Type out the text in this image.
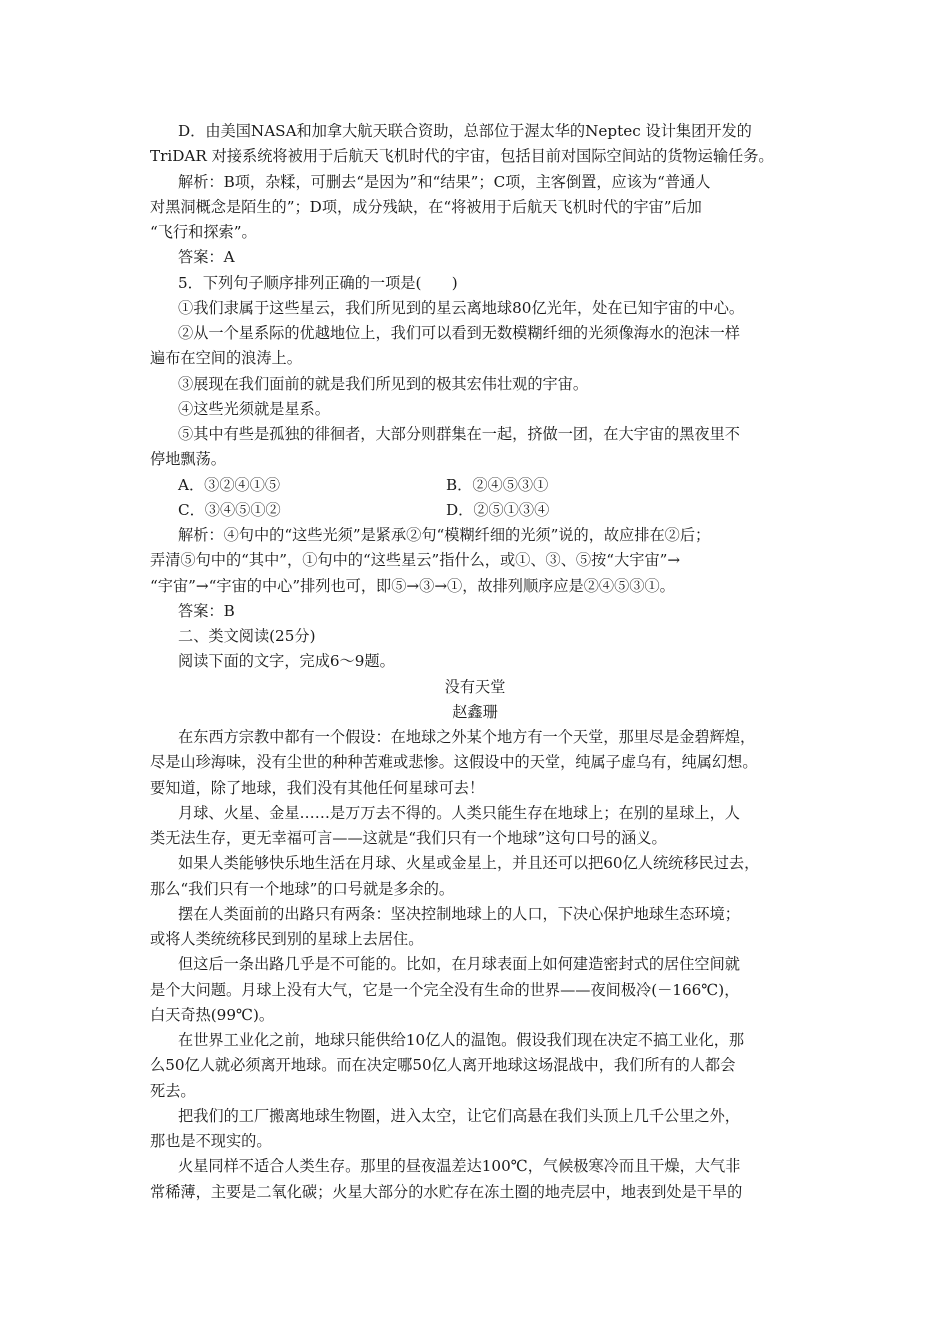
D．由美国NASA和加拿大航天联合资助，总部位于渥太华的Neptec 设计集团开发的
TriDAR 对接系统将被用于后航天飞机时代的宇宙，包括目前对国际空间站的货物运输任务。
解析：B项，杂糅，可删去“是因为”和“结果”；C项，主客倒置，应该为“普通人
对黑洞概念是陌生的”；D项，成分残缺，在“将被用于后航天飞机时代的宇宙”后加
“飞行和探索”。
答案：A
5．下列句子顺序排列正确的一项是(　　)
①我们隶属于这些星云，我们所见到的星云离地球80亿光年，处在已知宇宙的中心。
②从一个星系际的优越地位上，我们可以看到无数模糊纤细的光须像海水的泡沫一样
遍布在空间的浪涛上。
③展现在我们面前的就是我们所见到的极其宏伟壮观的宇宙。
④这些光须就是星系。
⑤其中有些是孤独的徘徊者，大部分则群集在一起，挤做一团，在大宇宙的黑夜里不
停地飘荡。
A．③②④①⑤	B．②④⑤③①
C．③④⑤①②	D．②⑤①③④
解析：④句中的“这些光须”是紧承②句“模糊纤细的光须”说的，故应排在②后；
弄清⑤句中的“其中”，①句中的“这些星云”指什么，或①、③、⑤按“大宇宙”→
“宇宙”→“宇宙的中心”排列也可，即⑤→③→①，故排列顺序应是②④⑤③①。
答案：B
二、类文阅读(25分)
阅读下面的文字，完成6～9题。
没有天堂
赵鑫珊
在东西方宗教中都有一个假设：在地球之外某个地方有一个天堂，那里尽是金碧辉煌，
尽是山珍海味，没有尘世的种种苦难或悲惨。这假设中的天堂，纯属子虚乌有，纯属幻想。
要知道，除了地球，我们没有其他任何星球可去！
月球、火星、金星……是万万去不得的。人类只能生存在地球上；在别的星球上，人
类无法生存，更无幸福可言——这就是“我们只有一个地球”这句口号的涵义。
如果人类能够快乐地生活在月球、火星或金星上，并且还可以把60亿人统统移民过去，
那么“我们只有一个地球”的口号就是多余的。
摆在人类面前的出路只有两条：坚决控制地球上的人口，下决心保护地球生态环境；
或将人类统统移民到别的星球上去居住。
但这后一条出路几乎是不可能的。比如，在月球表面上如何建造密封式的居住空间就
是个大问题。月球上没有大气，它是一个完全没有生命的世界——夜间极冷(－166℃)，
白天奇热(99℃)。
在世界工业化之前，地球只能供给10亿人的温饱。假设我们现在决定不搞工业化，那
么50亿人就必须离开地球。而在决定哪50亿人离开地球这场混战中，我们所有的人都会
死去。
把我们的工厂搬离地球生物圈，进入太空，让它们高悬在我们头顶上几千公里之外，
那也是不现实的。
火星同样不适合人类生存。那里的昼夜温差达100℃，气候极寒冷而且干燥，大气非
常稀薄，主要是二氧化碳；火星大部分的水贮存在冻土圈的地壳层中，地表到处是干旱的
